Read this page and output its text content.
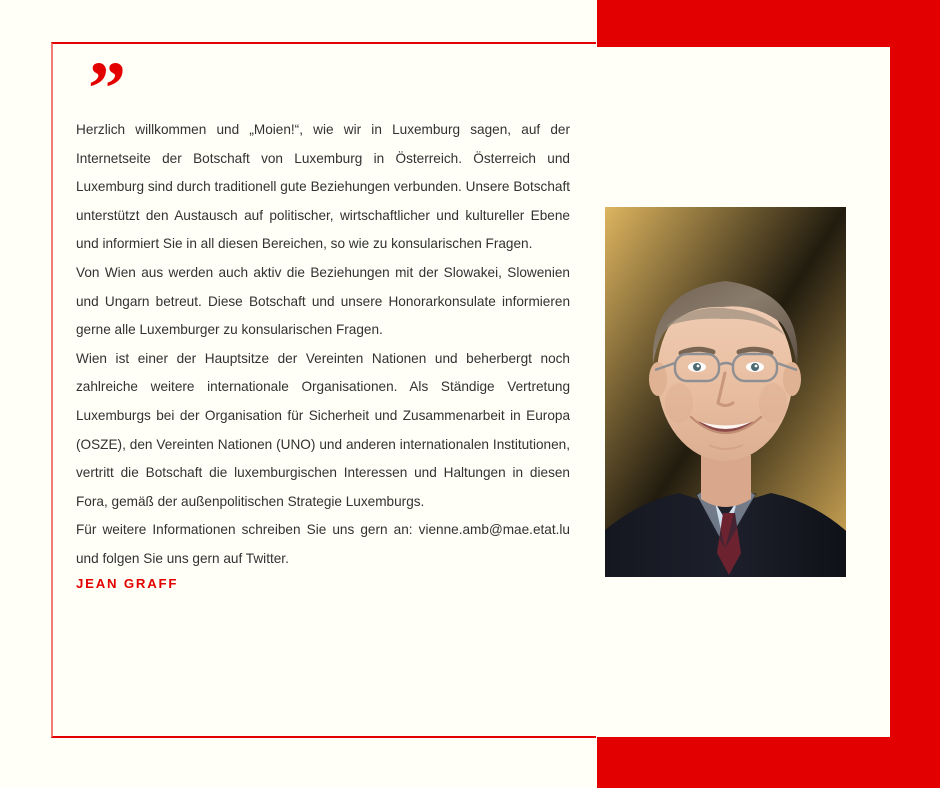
”

Herzlich willkommen und „Moien!“, wie wir in Luxemburg sagen, auf der Internetseite der Botschaft von Luxemburg in Österreich. Österreich und Luxemburg sind durch traditionell gute Beziehungen verbunden. Unsere Botschaft unterstützt den Austausch auf politischer, wirtschaftlicher und kultureller Ebene und informiert Sie in all diesen Bereichen, so wie zu konsularischen Fragen.

Von Wien aus werden auch aktiv die Beziehungen mit der Slowakei, Slowenien und Ungarn betreut. Diese Botschaft und unsere Honorarkonsulate informieren gerne alle Luxemburger zu konsularischen Fragen.

Wien ist einer der Hauptsitze der Vereinten Nationen und beherbergt noch zahlreiche weitere internationale Organisationen. Als Ständige Vertretung Luxemburgs bei der Organisation für Sicherheit und Zusammenarbeit in Europa (OSZE), den Vereinten Nationen (UNO) und anderen internationalen Institutionen, vertritt die Botschaft die luxemburgischen Interessen und Haltungen in diesen Fora, gemäß der außenpolitischen Strategie Luxemburgs.

Für weitere Informationen schreiben Sie uns gern an: vienne.amb@mae.etat.lu und folgen Sie uns gern auf Twitter.

JEAN GRAFF
